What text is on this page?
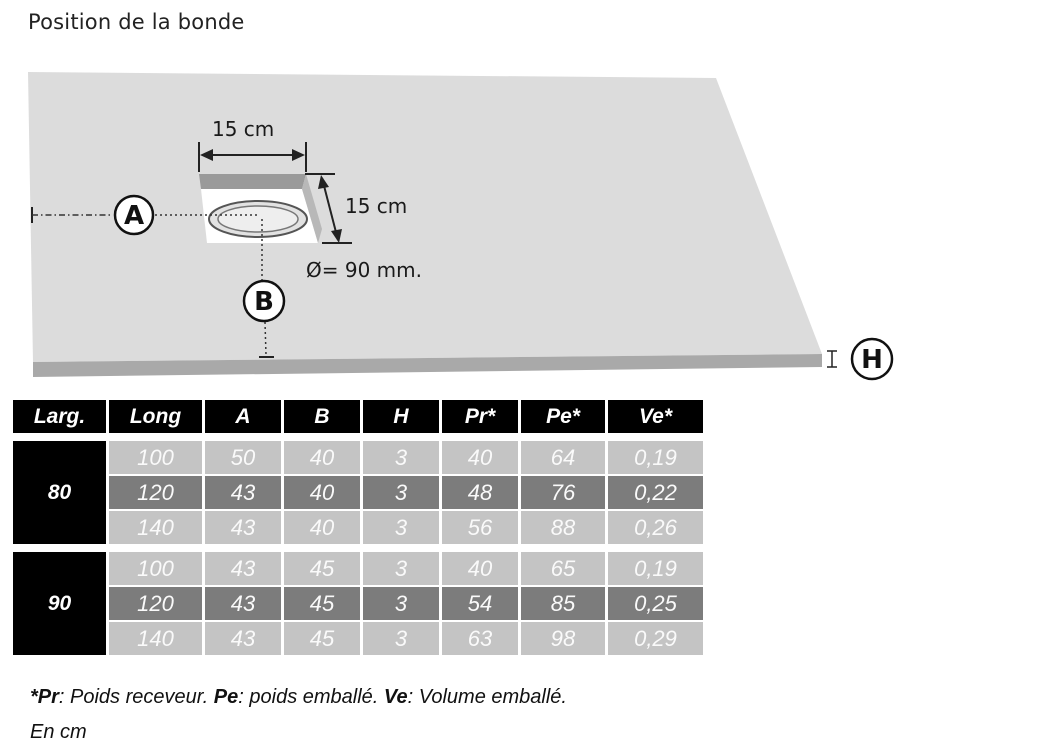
Position de la bonde
15 cm
15 cm
Ø= 90 mm.
A
B
H
Larg.	Long	A	B	H	Pr*	Pe*	Ve*

80	100	50	40	3	40	64	0,19
	120	43	40	3	48	76	0,22
	140	43	40	3	56	88	0,26

90	100	43	45	3	40	65	0,19
	120	43	45	3	54	85	0,25
	140	43	45	3	63	98	0,29
*Pr: Poids receveur. Pe: poids emballé. Ve: Volume emballé.
En cm
